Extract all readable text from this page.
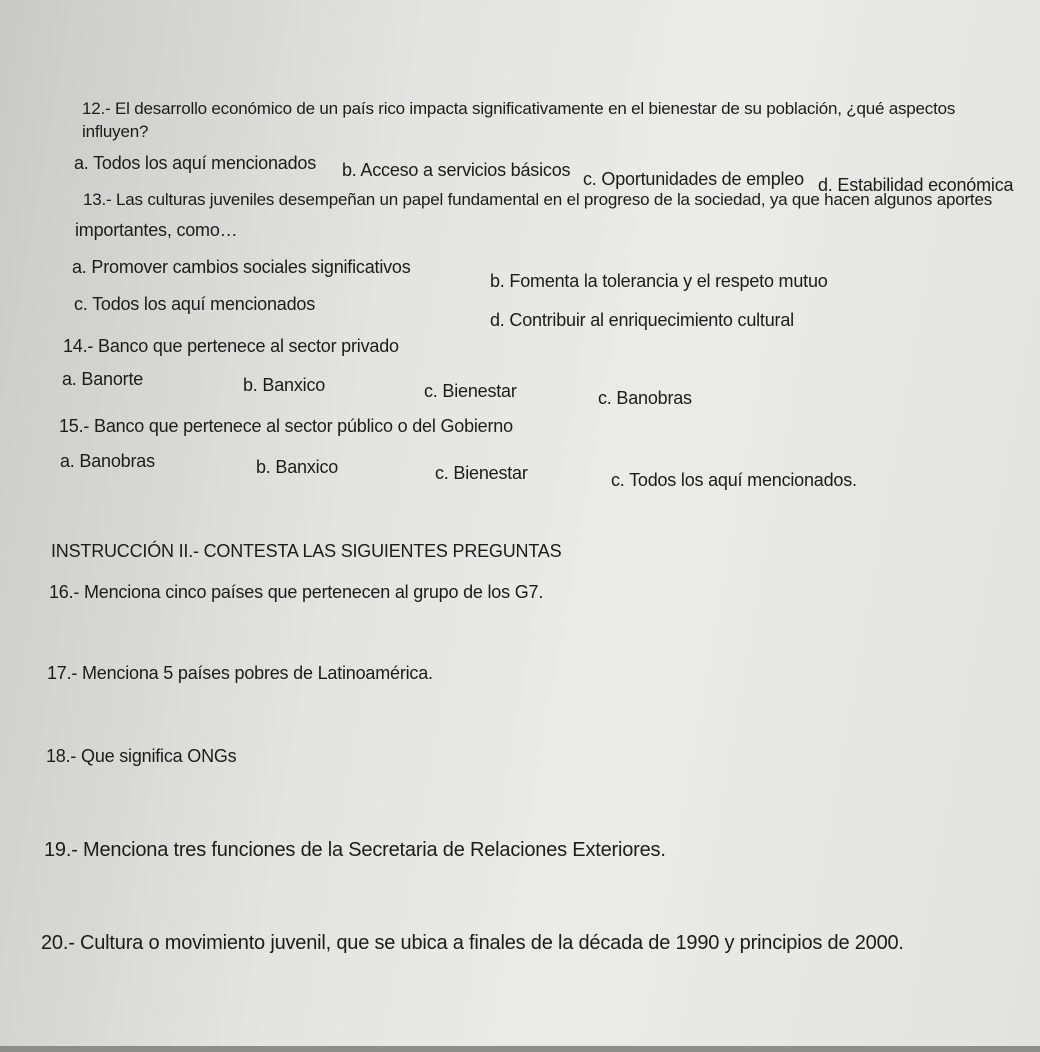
12.- El desarrollo económico de un país rico impacta significativamente en el bienestar de su población, ¿qué aspectos
influyen?
a. Todos los aquí mencionados b. Acceso a servicios básicos c. Oportunidades de empleo d. Estabilidad económica
13.- Las culturas juveniles desempeñan un papel fundamental en el progreso de la sociedad, ya que hacen algunos aportes
importantes, como…
a. Promover cambios sociales significativos
b. Fomenta la tolerancia y el respeto mutuo
c. Todos los aquí mencionados
d. Contribuir al enriquecimiento cultural
14.- Banco que pertenece al sector privado
a. Banorte	b. Banxico	c. Bienestar	c. Banobras
15.- Banco que pertenece al sector público o del Gobierno
a. Banobras	b. Banxico	c. Bienestar	c. Todos los aquí mencionados.
INSTRUCCIÓN II.- CONTESTA LAS SIGUIENTES PREGUNTAS
16.- Menciona cinco países que pertenecen al grupo de los G7.
17.- Menciona 5 países pobres de Latinoamérica.
18.- Que significa ONGs
19.- Menciona tres funciones de la Secretaria de Relaciones Exteriores.
20.- Cultura o movimiento juvenil, que se ubica a finales de la década de 1990 y principios de 2000.
